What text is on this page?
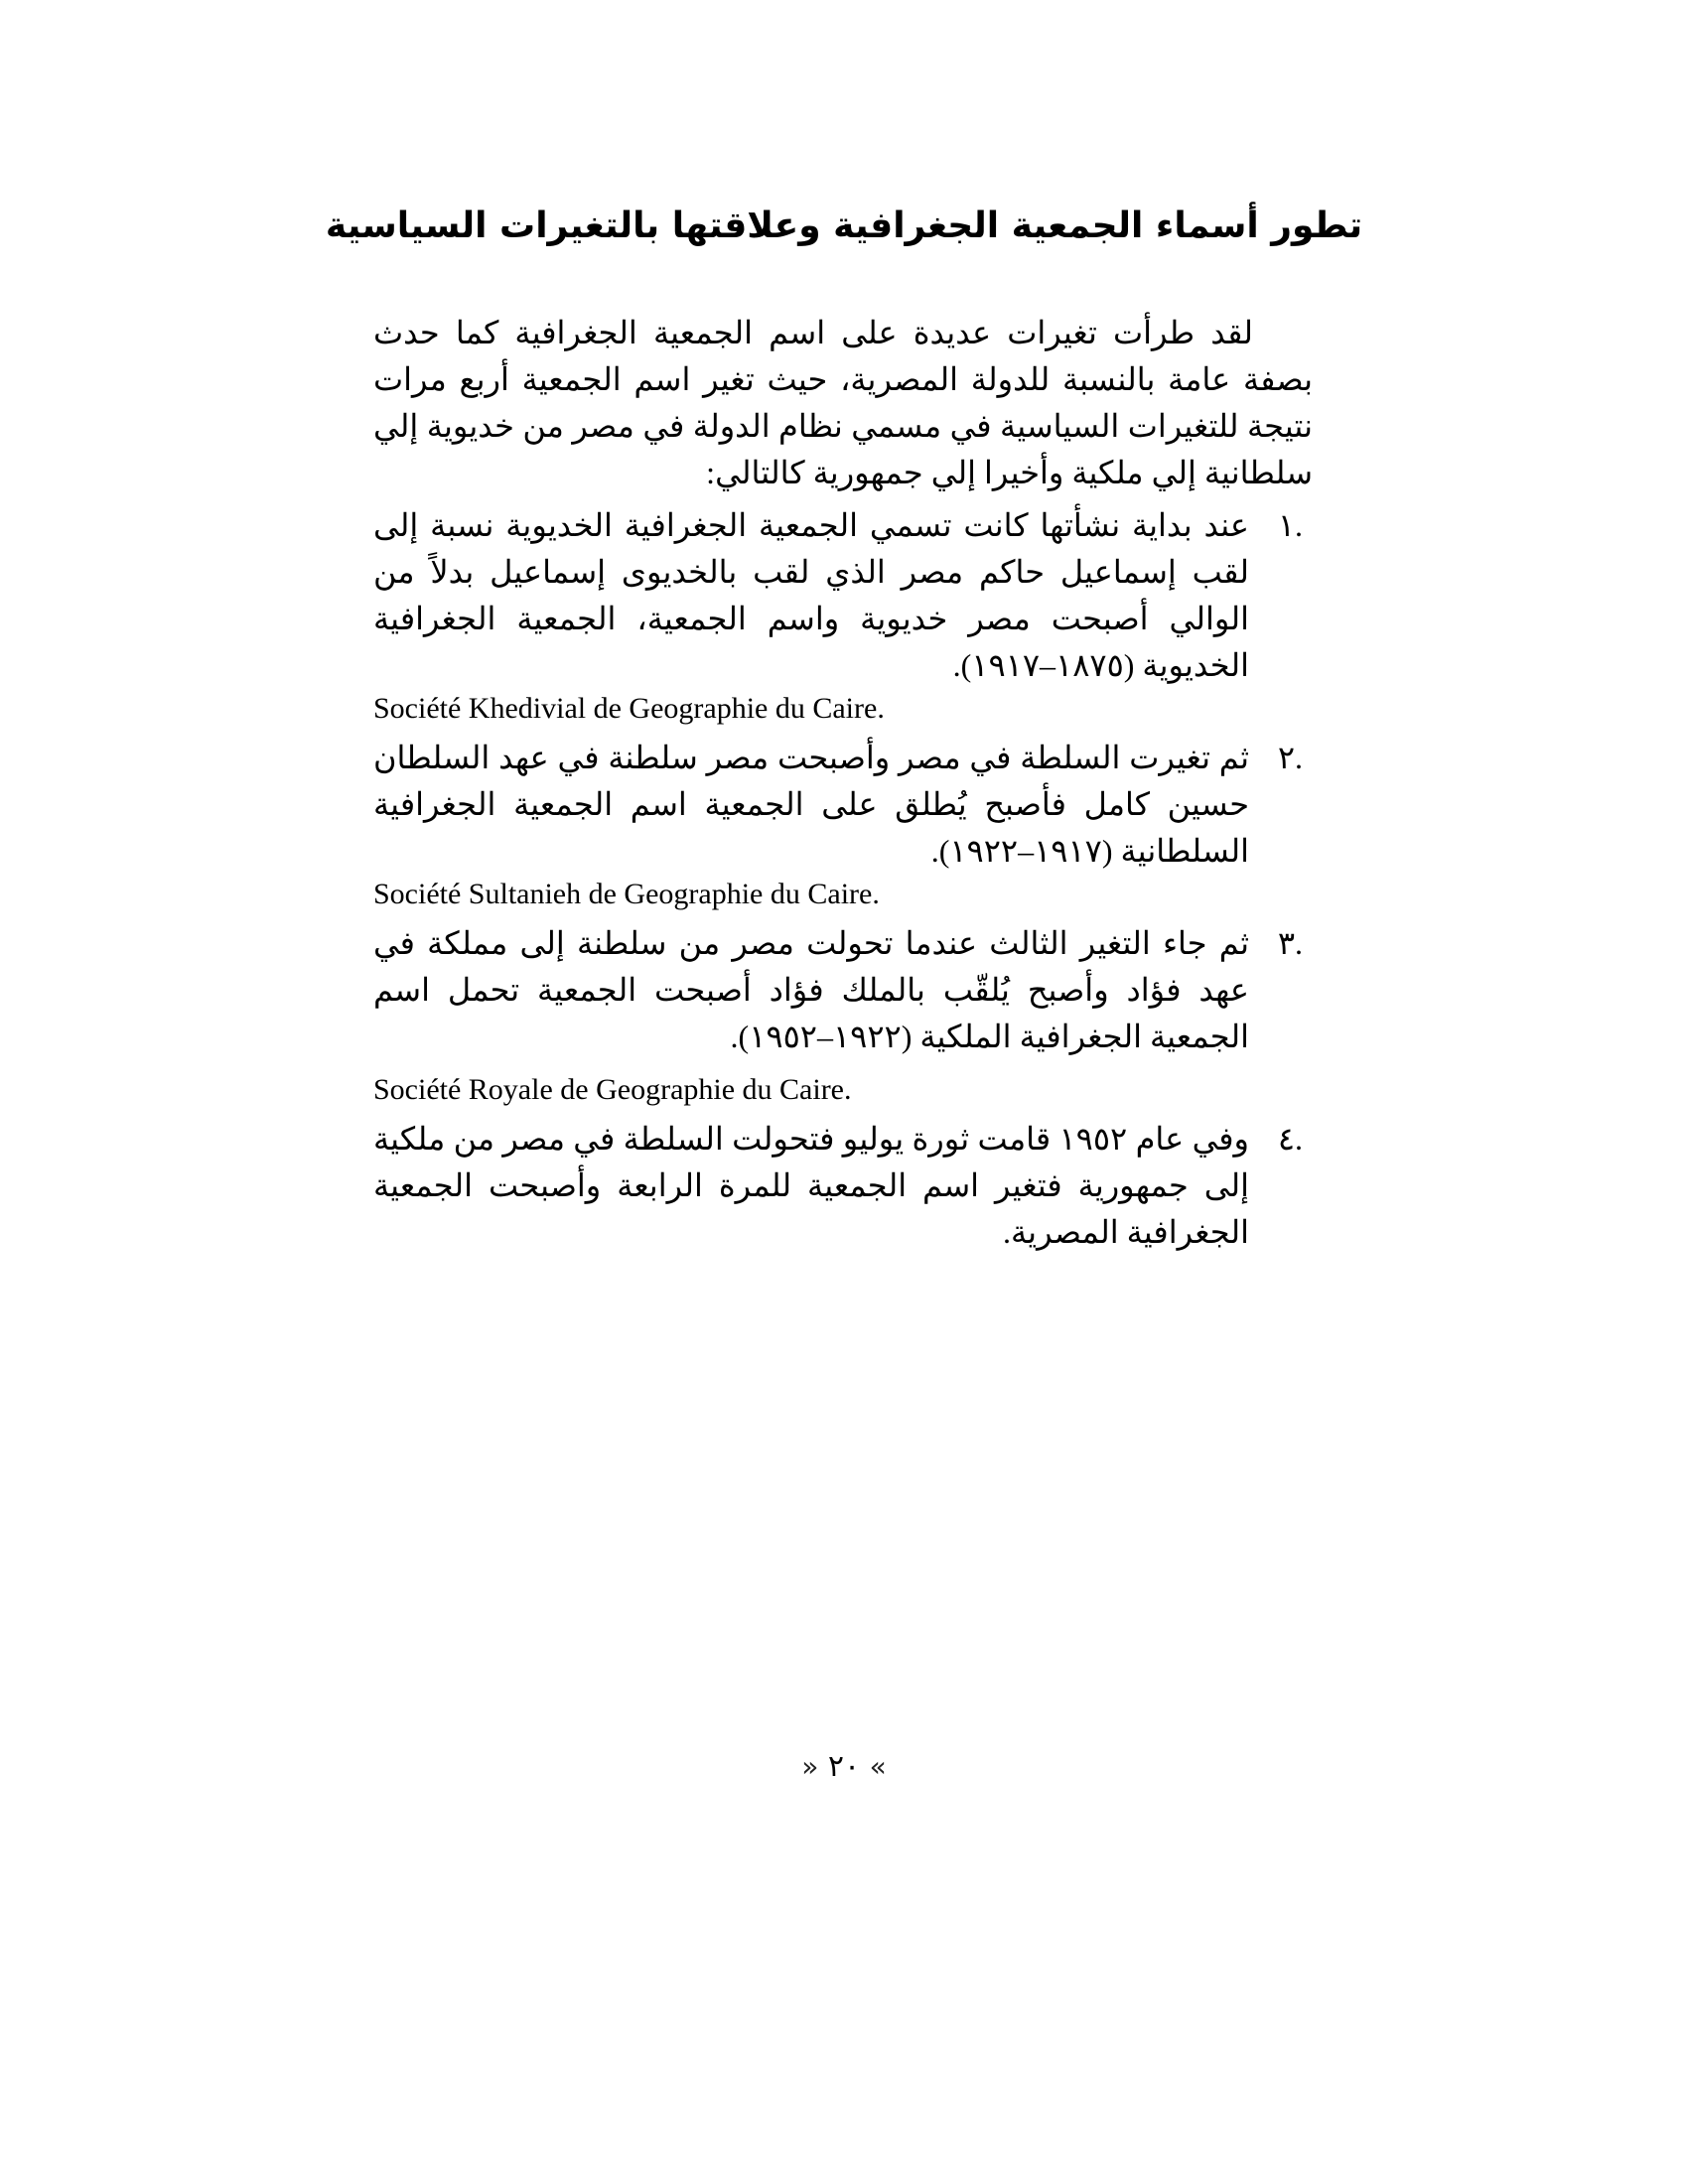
تطور أسماء الجمعية الجغرافية وعلاقتها بالتغيرات السياسية

لقد طرأت تغيرات عديدة على اسم الجمعية الجغرافية كما حدث بصفة عامة بالنسبة للدولة المصرية، حيث تغير اسم الجمعية أربع مرات نتيجة للتغيرات السياسية في مسمي نظام الدولة في مصر من خديوية إلي سلطانية إلي ملكية وأخيرا إلي جمهورية كالتالي:

.١
عند بداية نشأتها كانت تسمي الجمعية الجغرافية الخديوية نسبة إلى لقب إسماعيل حاكم مصر الذي لقب بالخديوى إسماعيل بدلاً من الوالي أصبحت مصر خديوية واسم الجمعية، الجمعية الجغرافية الخديوية (١٨٧٥–١٩١٧).
Société Khedivial de Geographie du Caire.
.٢
ثم تغيرت السلطة في مصر وأصبحت مصر سلطنة في عهد السلطان حسين كامل فأصبح يُطلق على الجمعية اسم الجمعية الجغرافية السلطانية (١٩١٧–١٩٢٢).
Société Sultanieh de Geographie du Caire.
.٣
ثم جاء التغير الثالث عندما تحولت مصر من سلطنة إلى مملكة في عهد فؤاد وأصبح يُلقّب بالملك فؤاد أصبحت الجمعية تحمل اسم الجمعية الجغرافية الملكية (١٩٢٢–١٩٥٢).
Société Royale de Geographie du Caire.
.٤
وفي عام ١٩٥٢ قامت ثورة يوليو فتحولت السلطة في مصر من ملكية إلى جمهورية فتغير اسم الجمعية للمرة الرابعة وأصبحت الجمعية الجغرافية المصرية.
» ٢٠ «
